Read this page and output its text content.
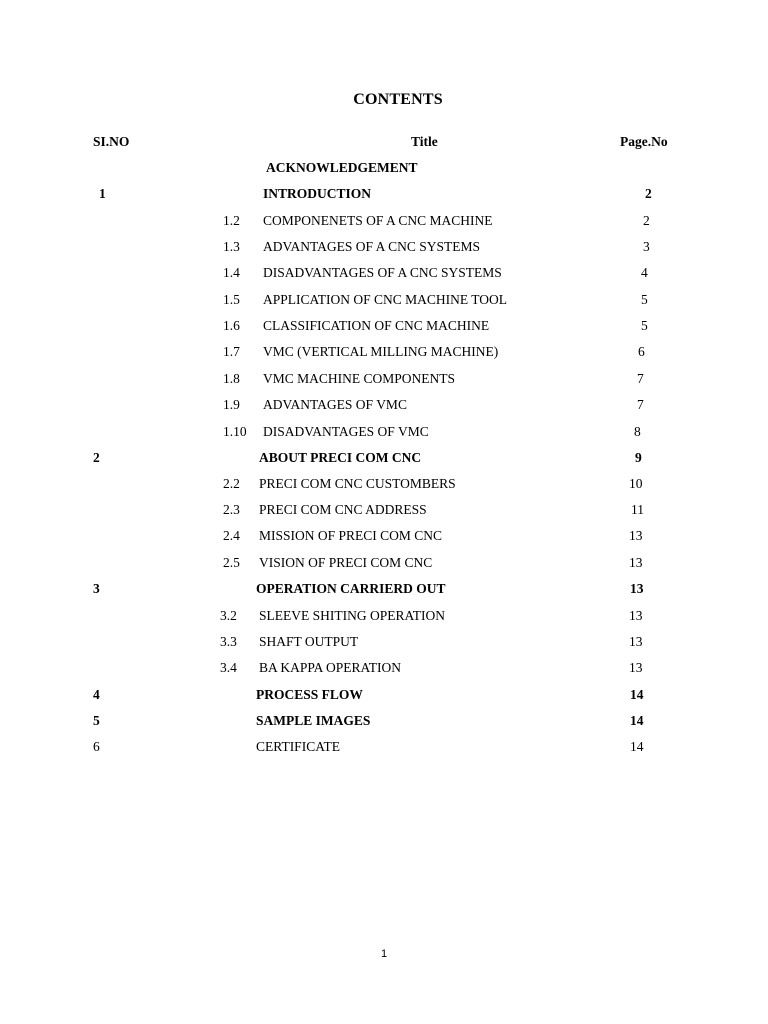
CONTENTS
SI.NO	Title	Page.No
ACKNOWLEDGEMENT
1	INTRODUCTION	2
1.2 COMPONENETS OF A CNC MACHINE	2
1.3 ADVANTAGES OF A CNC SYSTEMS	3
1.4 DISADVANTAGES OF A CNC SYSTEMS	4
1.5 APPLICATION OF CNC MACHINE TOOL	5
1.6 CLASSIFICATION OF CNC MACHINE	5
1.7 VMC (VERTICAL MILLING MACHINE)	6
1.8 VMC MACHINE COMPONENTS	7
1.9 ADVANTAGES OF VMC	7
1.10 DISADVANTAGES OF VMC	8
2	ABOUT PRECI COM CNC	9
2.2 PRECI COM CNC CUSTOMBERS	10
2.3 PRECI COM CNC ADDRESS	11
2.4 MISSION OF PRECI COM CNC	13
2.5 VISION OF PRECI COM CNC	13
3	OPERATION CARRIERD OUT	13
3.2 SLEEVE SHITING OPERATION	13
3.3 SHAFT OUTPUT	13
3.4 BA KAPPA OPERATION	13
4	PROCESS FLOW	14
5	SAMPLE IMAGES	14
6	CERTIFICATE	14
1
